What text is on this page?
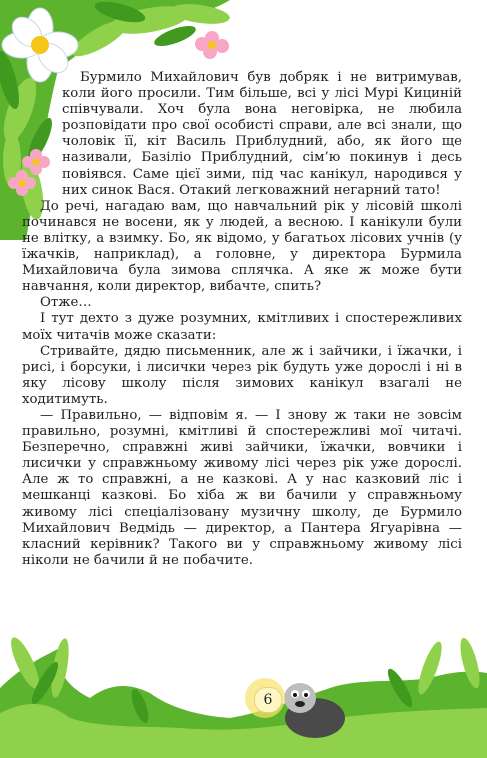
Бурмило Михайлович був добряк і не витримував, коли його просили. Тим більше, всі у лісі Мурі Кициній співчували. Хоч була вона неговірка, не любила розповідати про свої особисті справи, але всі знали, що чоловік її, кіт Василь Приблудний, або, як його ще називали, Базіліо Приблудний, сім’ю покинув і десь повіявся. Саме цієї зими, під час канікул, народився у них синок Вася. Отакий легковажний негарний тато!

До речі, нагадаю вам, що навчальний рік у лісовій школі починався не восени, як у людей, а весною. І канікули були не влітку, а взимку. Бо, як відомо, у багатьох лісових учнів (у їжачків, наприклад), а головне, у директора Бурмила Михайловича була зимова сплячка. А яке ж може бути навчання, коли директор, вибачте, спить?

Отже…

І тут дехто з дуже розумних, кмітливих і спостережливих моїх читачів може сказати:

Стривайте, дядю письменник, але ж і зайчики, і їжачки, і рисі, і борсуки, і лисички через рік будуть уже дорослі і ні в яку лісову школу після зимових канікул взагалі не ходитимуть.

— Правильно, — відповім я. — І знову ж таки не зовсім правильно, розумні, кмітливі й спостережливі мої читачі. Безперечно, справжні живі зайчики, їжачки, вовчики і лисички у справжньому живому лісі через рік уже дорослі. Але ж то справжні, а не казкові. А у нас казковий ліс і мешканці казкові. Бо хіба ж ви бачили у справжньому живому лісі спеціалізовану музичну школу, де Бурмило Михайлович Ведмідь — директор, а Пантера Ягуарівна — класний керівник? Такого ви у справжньому живому лісі ніколи не бачили й не побачите.

6
